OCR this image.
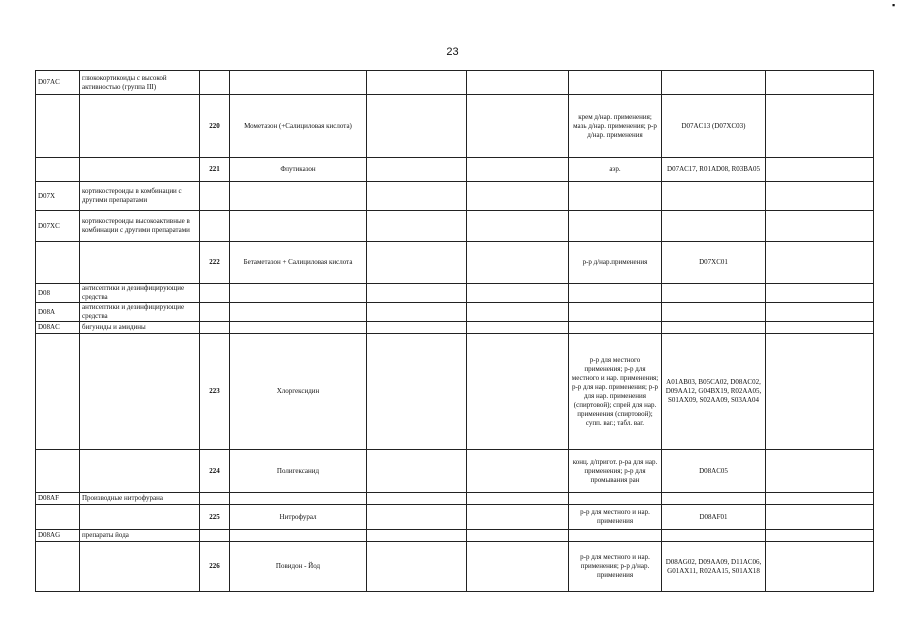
▪
23
D07AC	глюкокортикоиды с высокой активностью (группа III)							
		220	Мометазон (+Салициловая кислота)			крем д/нар. применения; мазь д/нар. применения; р-р д/нар. применения	D07AC13 (D07XC03)	
		221	Флутиказон			аэр.	D07AC17, R01AD08, R03BA05	
D07X	кортикостероиды в комбинации с другими препаратами							
D07XC	кортикостероиды высокоактивные в комбинации с другими препаратами							
		222	Бетаметазон + Салициловая кислота			р-р д/нар.применения	D07XC01	
D08	антисептики и дезинфицирующие средства							
D08A	антисептики и дезинфицирующие средства							
D08AC	бигуниды и амидины							
		223	Хлоргексидин			р-р для местного применения; р-р для местного и нар. применения; р-р для нар. применения; р-р для нар. применения (спиртовой); спрей для нар. применения (спиртовой); супп. ваг.; табл. ваг.	A01AB03, B05CA02, D08AC02, D09AA12, G04BX19, R02AA05, S01AX09, S02AA09, S03AA04	
		224	Полигексанид			конц. д/пригот. р-ра для нар. применения; р-р для промывания ран	D08AC05	
D08AF	Производные нитрофурана							
		225	Нитрофурал			р-р для местного и нар. применения	D08AF01	
D08AG	препараты йода							
		226	Повидон - Йод			р-р для местного и нар. применения; р-р д/нар. применения	D08AG02, D09AA09, D11AC06, G01AX11, R02AA15, S01AX18	
